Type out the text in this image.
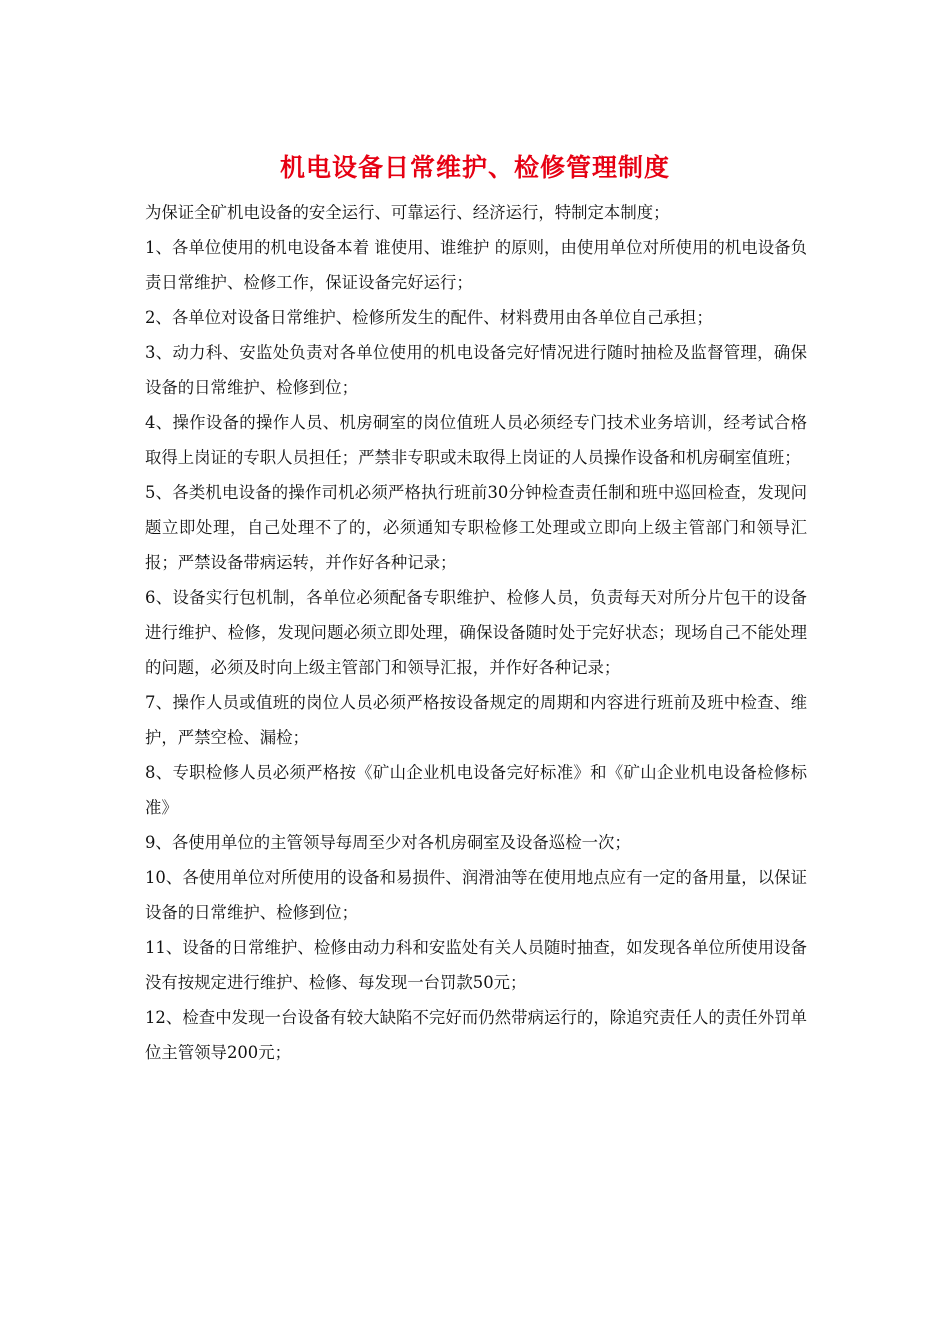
机电设备日常维护、检修管理制度

为保证全矿机电设备的安全运行、可靠运行、经济运行，特制定本制度；

1、各单位使用的机电设备本着 谁使用、谁维护 的原则，由使用单位对所使用的机电设备负责日常维护、检修工作，保证设备完好运行；

2、各单位对设备日常维护、检修所发生的配件、材料费用由各单位自己承担；

3、动力科、安监处负责对各单位使用的机电设备完好情况进行随时抽检及监督管理，确保设备的日常维护、检修到位；

4、操作设备的操作人员、机房硐室的岗位值班人员必须经专门技术业务培训，经考试合格取得上岗证的专职人员担任；严禁非专职或未取得上岗证的人员操作设备和机房硐室值班；

5、各类机电设备的操作司机必须严格执行班前30分钟检查责任制和班中巡回检查，发现问题立即处理，自己处理不了的，必须通知专职检修工处理或立即向上级主管部门和领导汇报；严禁设备带病运转，并作好各种记录；

6、设备实行包机制，各单位必须配备专职维护、检修人员，负责每天对所分片包干的设备进行维护、检修，发现问题必须立即处理，确保设备随时处于完好状态；现场自己不能处理的问题，必须及时向上级主管部门和领导汇报，并作好各种记录；

7、操作人员或值班的岗位人员必须严格按设备规定的周期和内容进行班前及班中检查、维护，严禁空检、漏检；

8、专职检修人员必须严格按《矿山企业机电设备完好标准》和《矿山企业机电设备检修标准》

9、各使用单位的主管领导每周至少对各机房硐室及设备巡检一次；

10、各使用单位对所使用的设备和易损件、润滑油等在使用地点应有一定的备用量，以保证设备的日常维护、检修到位；

11、设备的日常维护、检修由动力科和安监处有关人员随时抽查，如发现各单位所使用设备没有按规定进行维护、检修、每发现一台罚款50元；

12、检查中发现一台设备有较大缺陷不完好而仍然带病运行的，除追究责任人的责任外罚单位主管领导200元；
